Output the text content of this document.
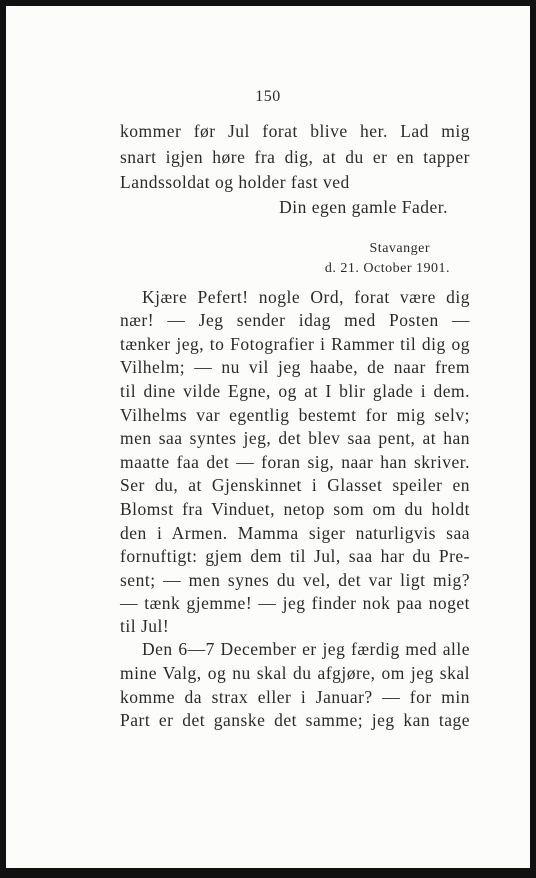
150
kommer før Jul forat blive her. Lad mig
snart igjen høre fra dig, at du er en tapper
Landssoldat og holder fast ved
Din egen gamle Fader.
Stavanger
d. 21. October 1901.
Kjære Pefert! nogle Ord, forat være dig
nær! — Jeg sender idag med Posten —
tænker jeg, to Fotografier i Rammer til dig og
Vilhelm; — nu vil jeg haabe, de naar frem
til dine vilde Egne, og at I blir glade i dem.
Vilhelms var egentlig bestemt for mig selv;
men saa syntes jeg, det blev saa pent, at han
maatte faa det — foran sig, naar han skriver.
Ser du, at Gjenskinnet i Glasset speiler en
Blomst fra Vinduet, netop som om du holdt
den i Armen. Mamma siger naturligvis saa
fornuftigt: gjem dem til Jul, saa har du Pre-
sent; — men synes du vel, det var ligt mig?
— tænk gjemme! — jeg finder nok paa noget
til Jul!
Den 6—7 December er jeg færdig med alle
mine Valg, og nu skal du afgjøre, om jeg skal
komme da strax eller i Januar? — for min
Part er det ganske det samme; jeg kan tage
